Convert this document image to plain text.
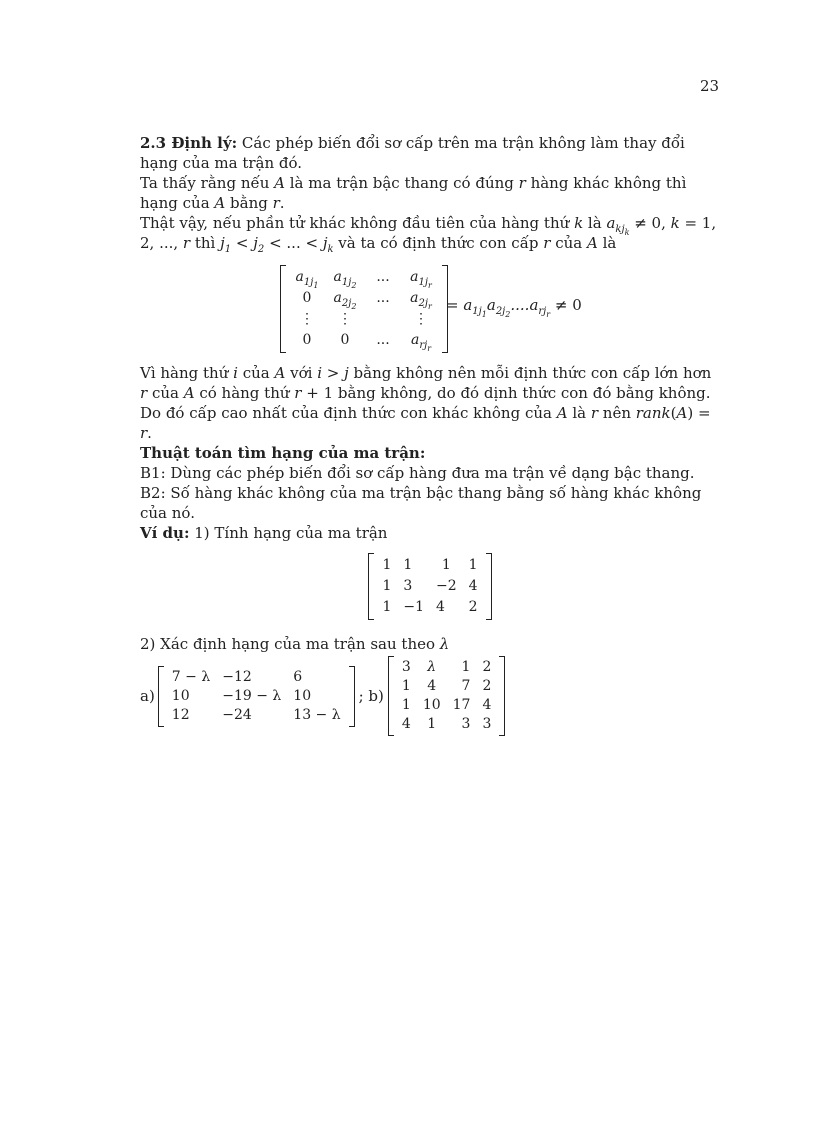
23

2.3 Định lý: Các phép biến đổi sơ cấp trên ma trận không làm thay đổi hạng của ma trận đó.

Ta thấy rằng nếu A là ma trận bậc thang có đúng r hàng khác không thì hạng của A bằng r.

Thật vậy, nếu phần tử khác không đầu tiên của hàng thứ k là $a_{kj_k} \ne 0$, k = 1, 2, ..., r thì $j_1 < j_2$ < ... < $j_k$ và ta có định thức con cấp r của A là

$a_{1j_1}$	$a_{1j_2}$	...	$a_{1j_r}$
0	$a_{2j_2}$	...	$a_{2j_r}$
⋮	⋮		⋮
0	0	...	$a_{rj_r}$
= $a_{1j_1}a_{2j_2}....a_{rj_r} \ne 0$

Vì hàng thứ i của A với i > j bằng không nên mỗi định thức con cấp lớn hơn r của A có hàng thứ r + 1 bằng không, do đó dịnh thức con đó bằng không. Do đó cấp cao nhất của định thức con khác không của A là r nên rank(A) = r.

Thuật toán tìm hạng của ma trận:

B1: Dùng các phép biến đổi sơ cấp hàng đưa ma trận về dạng bậc thang.

B2: Số hàng khác không của ma trận bậc thang bằng số hàng khác không của nó.

Ví dụ: 1) Tính hạng của ma trận

1	1	1	1
1	3	−2	4
1	−1	4	2

2) Xác định hạng của ma trận sau theo λ

a)
7 − λ	−12	6
10	−19 − λ	10
12	−24	13 − λ
; b)
3	λ	1	2
1	4	7	2
1	10	17	4
4	1	3	3
